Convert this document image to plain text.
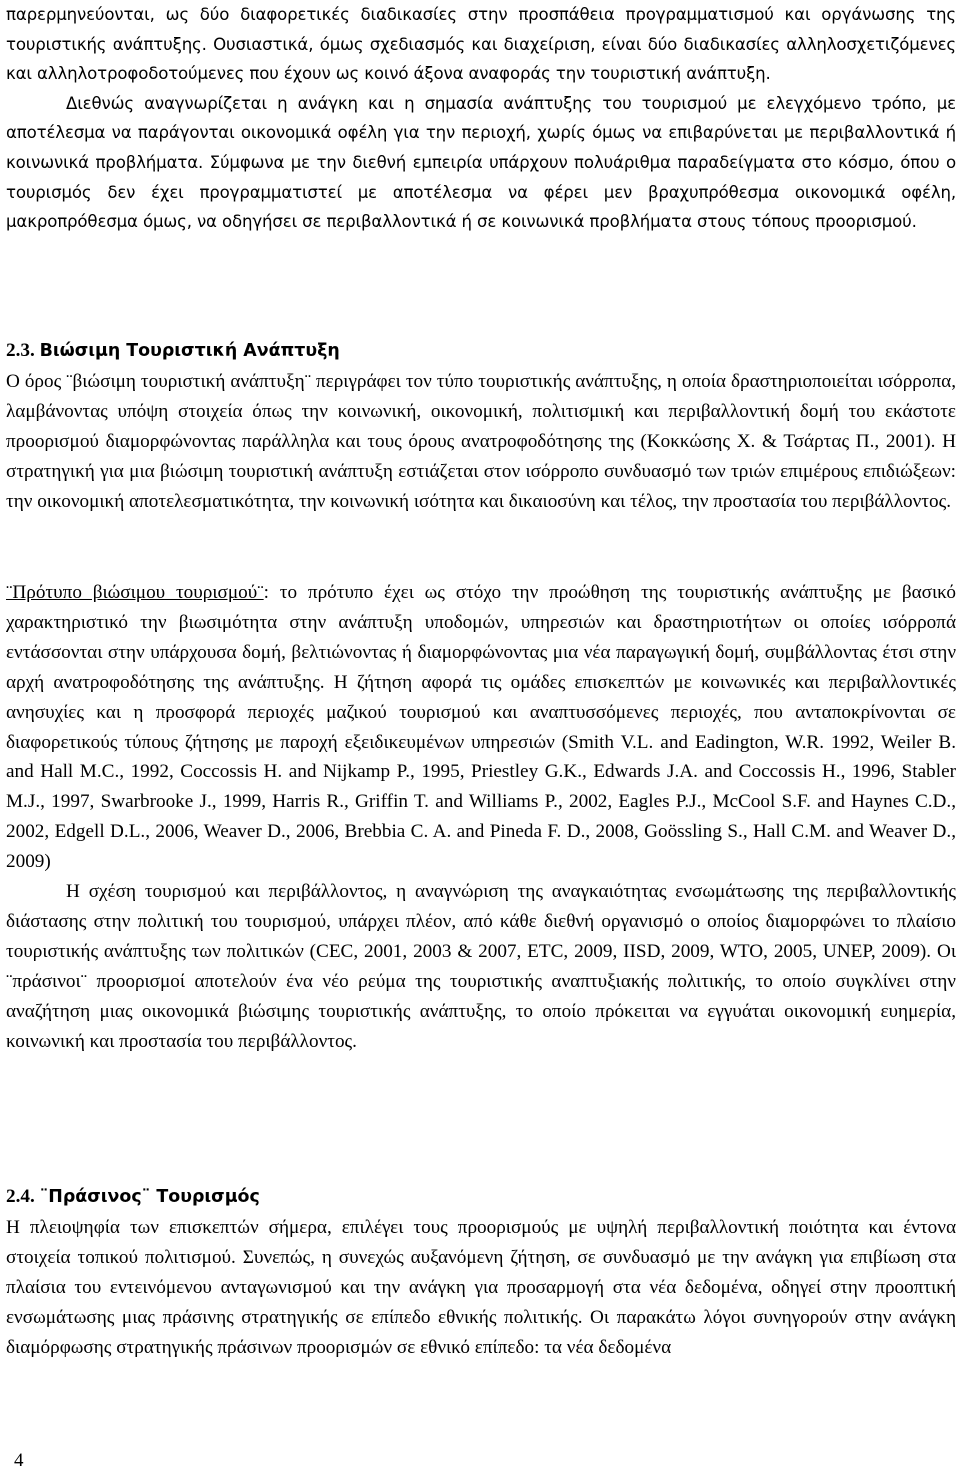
παρερμηνεύονται, ως δύο διαφορετικές διαδικασίες στην προσπάθεια προγραμματισμού και οργάνωσης της τουριστικής ανάπτυξης. Ουσιαστικά, όμως σχεδιασμός και διαχείριση, είναι δύο διαδικασίες αλληλοσχετιζόμενες και αλληλοτροφοδοτούμενες που έχουν ως κοινό άξονα αναφοράς την τουριστική ανάπτυξη.

Διεθνώς αναγνωρίζεται η ανάγκη και η σημασία ανάπτυξης του τουρισμού με ελεγχόμενο τρόπο, με αποτέλεσμα να παράγονται οικονομικά οφέλη για την περιοχή, χωρίς όμως να επιβαρύνεται με περιβαλλοντικά ή κοινωνικά προβλήματα. Σύμφωνα με την διεθνή εμπειρία υπάρχουν πολυάριθμα παραδείγματα στο κόσμο, όπου ο τουρισμός δεν έχει προγραμματιστεί με αποτέλεσμα να φέρει μεν βραχυπρόθεσμα οικονομικά οφέλη, μακροπρόθεσμα όμως, να οδηγήσει σε περιβαλλοντικά ή σε κοινωνικά προβλήματα στους τόπους προορισμού.

2.3. Βιώσιμη Τουριστική Ανάπτυξη

Ο όρος ¨βιώσιμη τουριστική ανάπτυξη¨ περιγράφει τον τύπο τουριστικής ανάπτυξης, η οποία δραστηριοποιείται ισόρροπα, λαμβάνοντας υπόψη στοιχεία όπως την κοινωνική, οικονομική, πολιτισμική και περιβαλλοντική δομή του εκάστοτε προορισμού διαμορφώνοντας παράλληλα και τους όρους ανατροφοδότησης της (Κοκκώσης Χ. & Τσάρτας Π., 2001). Η στρατηγική για μια βιώσιμη τουριστική ανάπτυξη εστιάζεται στον ισόρροπο συνδυασμό των τριών επιμέρους επιδιώξεων: την οικονομική αποτελεσματικότητα, την κοινωνική ισότητα και δικαιοσύνη και τέλος, την προστασία του περιβάλλοντος.

¨Πρότυπο βιώσιμου τουρισμού¨: το πρότυπο έχει ως στόχο την προώθηση της τουριστικής ανάπτυξης με βασικό χαρακτηριστικό την βιωσιμότητα στην ανάπτυξη υποδομών, υπηρεσιών και δραστηριοτήτων οι οποίες ισόρροπά εντάσσονται στην υπάρχουσα δομή, βελτιώνοντας ή διαμορφώνοντας μια νέα παραγωγική δομή, συμβάλλοντας έτσι στην αρχή ανατροφοδότησης της ανάπτυξης. Η ζήτηση αφορά τις ομάδες επισκεπτών με κοινωνικές και περιβαλλοντικές ανησυχίες και η προσφορά περιοχές μαζικού τουρισμού και αναπτυσσόμενες περιοχές, που ανταποκρίνονται σε διαφορετικούς τύπους ζήτησης με παροχή εξειδικευμένων υπηρεσιών (Smith V.L. and Eadington, W.R. 1992, Weiler B. and Hall M.C., 1992, Coccossis H. and Nijkamp P., 1995, Priestley G.K., Edwards J.A. and Coccossis H., 1996, Stabler M.J., 1997, Swarbrooke J., 1999, Harris R., Griffin T. and Williams P., 2002, Eagles P.J., McCool S.F. and Haynes C.D., 2002, Edgell D.L., 2006, Weaver D., 2006, Brebbia C. A. and Pineda F. D., 2008, Goössling S., Hall C.M. and Weaver D., 2009)

Η σχέση τουρισμού και περιβάλλοντος, η αναγνώριση της αναγκαιότητας ενσωμάτωσης της περιβαλλοντικής διάστασης στην πολιτική του τουρισμού, υπάρχει πλέον, από κάθε διεθνή οργανισμό ο οποίος διαμορφώνει το πλαίσιο τουριστικής ανάπτυξης των πολιτικών (CEC, 2001, 2003 & 2007, ETC, 2009, IISD, 2009, WTO, 2005, UNEP, 2009). Οι ¨πράσινοι¨ προορισμοί αποτελούν ένα νέο ρεύμα της τουριστικής αναπτυξιακής πολιτικής, το οποίο συγκλίνει στην αναζήτηση μιας οικονομικά βιώσιμης τουριστικής ανάπτυξης, το οποίο πρόκειται να εγγυάται οικονομική ευημερία, κοινωνική και προστασία του περιβάλλοντος.

2.4. ¨Πράσινος¨ Τουρισμός

Η πλειοψηφία των επισκεπτών σήμερα, επιλέγει τους προορισμούς με υψηλή περιβαλλοντική ποιότητα και έντονα στοιχεία τοπικού πολιτισμού. Συνεπώς, η συνεχώς αυξανόμενη ζήτηση, σε συνδυασμό με την ανάγκη για επιβίωση στα πλαίσια του εντεινόμενου ανταγωνισμού και την ανάγκη για προσαρμογή στα νέα δεδομένα, οδηγεί στην προοπτική ενσωμάτωσης μιας πράσινης στρατηγικής σε επίπεδο εθνικής πολιτικής. Οι παρακάτω λόγοι συνηγορούν στην ανάγκη διαμόρφωσης στρατηγικής πράσινων προορισμών σε εθνικό επίπεδο: τα νέα δεδομένα

4
